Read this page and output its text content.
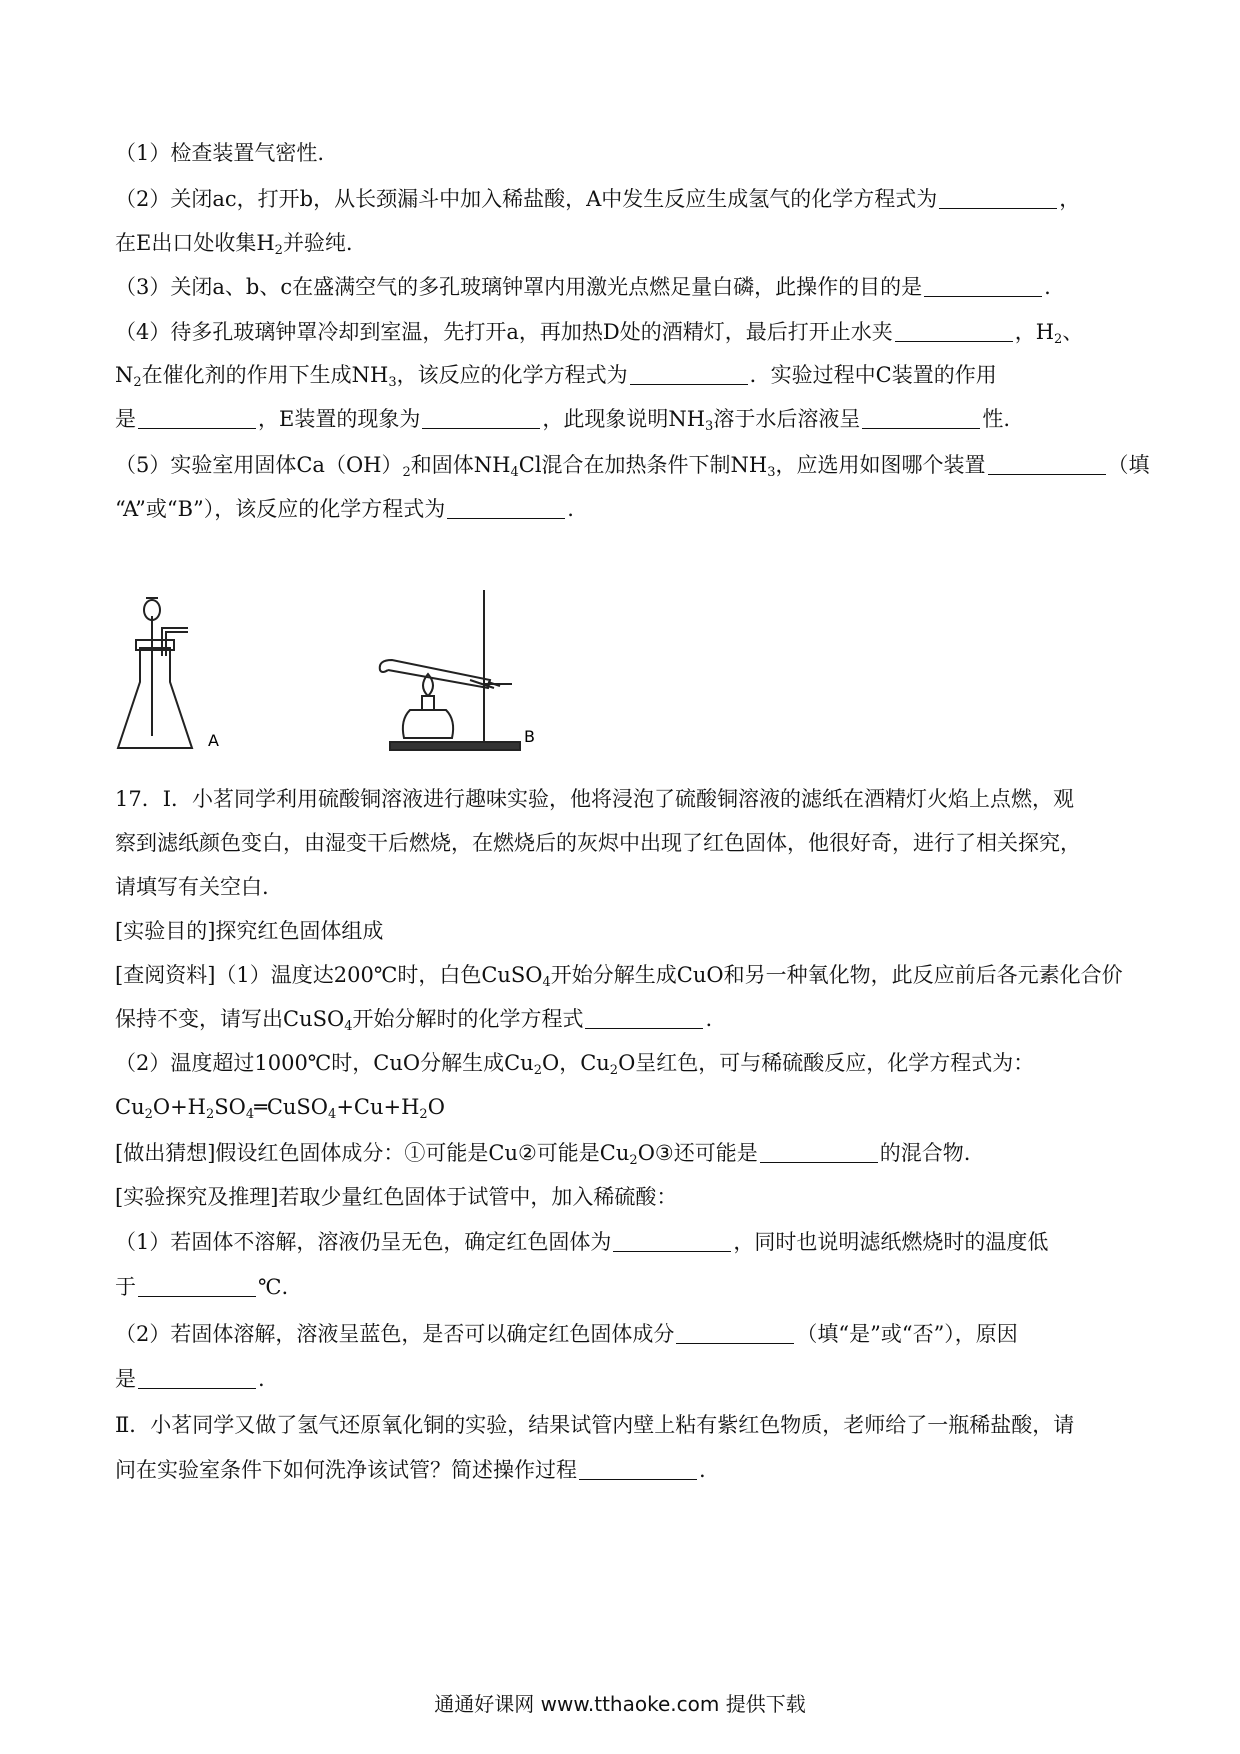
（1）检查装置气密性.
（2）关闭ac，打开b，从长颈漏斗中加入稀盐酸，A中发生反应生成氢气的化学方程式为	，
在E出口处收集$H_2$并验纯.
（3）关闭a、b、c在盛满空气的多孔玻璃钟罩内用激光点燃足量白磷，此操作的目的是	.
（4）待多孔玻璃钟罩冷却到室温，先打开a，再加热D处的酒精灯，最后打开止水夹	，$H_2$、
$N_2$在催化剂的作用下生成$NH_3$，该反应的化学方程式为	．实验过程中C装置的作用
是	，E装置的现象为	，此现象说明$NH_3$溶于水后溶液呈	性.
（5）实验室用固体$Ca(OH)_2$和固体$NH_4Cl$混合在加热条件下制$NH_3$，应选用如图哪个装置	（填
“A”或“B”），该反应的化学方程式为	.
A	B
17．Ⅰ．小茗同学利用硫酸铜溶液进行趣味实验，他将浸泡了硫酸铜溶液的滤纸在酒精灯火焰上点燃，观
察到滤纸颜色变白，由湿变干后燃烧，在燃烧后的灰烬中出现了红色固体，他很好奇，进行了相关探究，
请填写有关空白.
[实验目的]探究红色固体组成
[查阅资料]（1）温度达200℃时，白色CuSO$_4$开始分解生成CuO和另一种氧化物，此反应前后各元素化合价
保持不变，请写出CuSO$_4$开始分解时的化学方程式	.
（2）温度超过1000℃时，CuO分解生成$Cu_2O$，$Cu_2O$呈红色，可与稀硫酸反应，化学方程式为：
$Cu_2O+H_2SO_4═CuSO_4+Cu+H_2O$
[做出猜想]假设红色固体成分：①可能是Cu②可能是$Cu_2O③$还可能是	的混合物.
[实验探究及推理]若取少量红色固体于试管中，加入稀硫酸：
（1）若固体不溶解，溶液仍呈无色，确定红色固体为	，同时也说明滤纸燃烧时的温度低
于	℃.
（2）若固体溶解，溶液呈蓝色，是否可以确定红色固体成分	（填“是”或“否”），原因
是	.
Ⅱ．小茗同学又做了氢气还原氧化铜的实验，结果试管内壁上粘有紫红色物质，老师给了一瓶稀盐酸，请
问在实验室条件下如何洗净该试管？简述操作过程	.
通通好课网 www.tthaoke.com 提供下载
